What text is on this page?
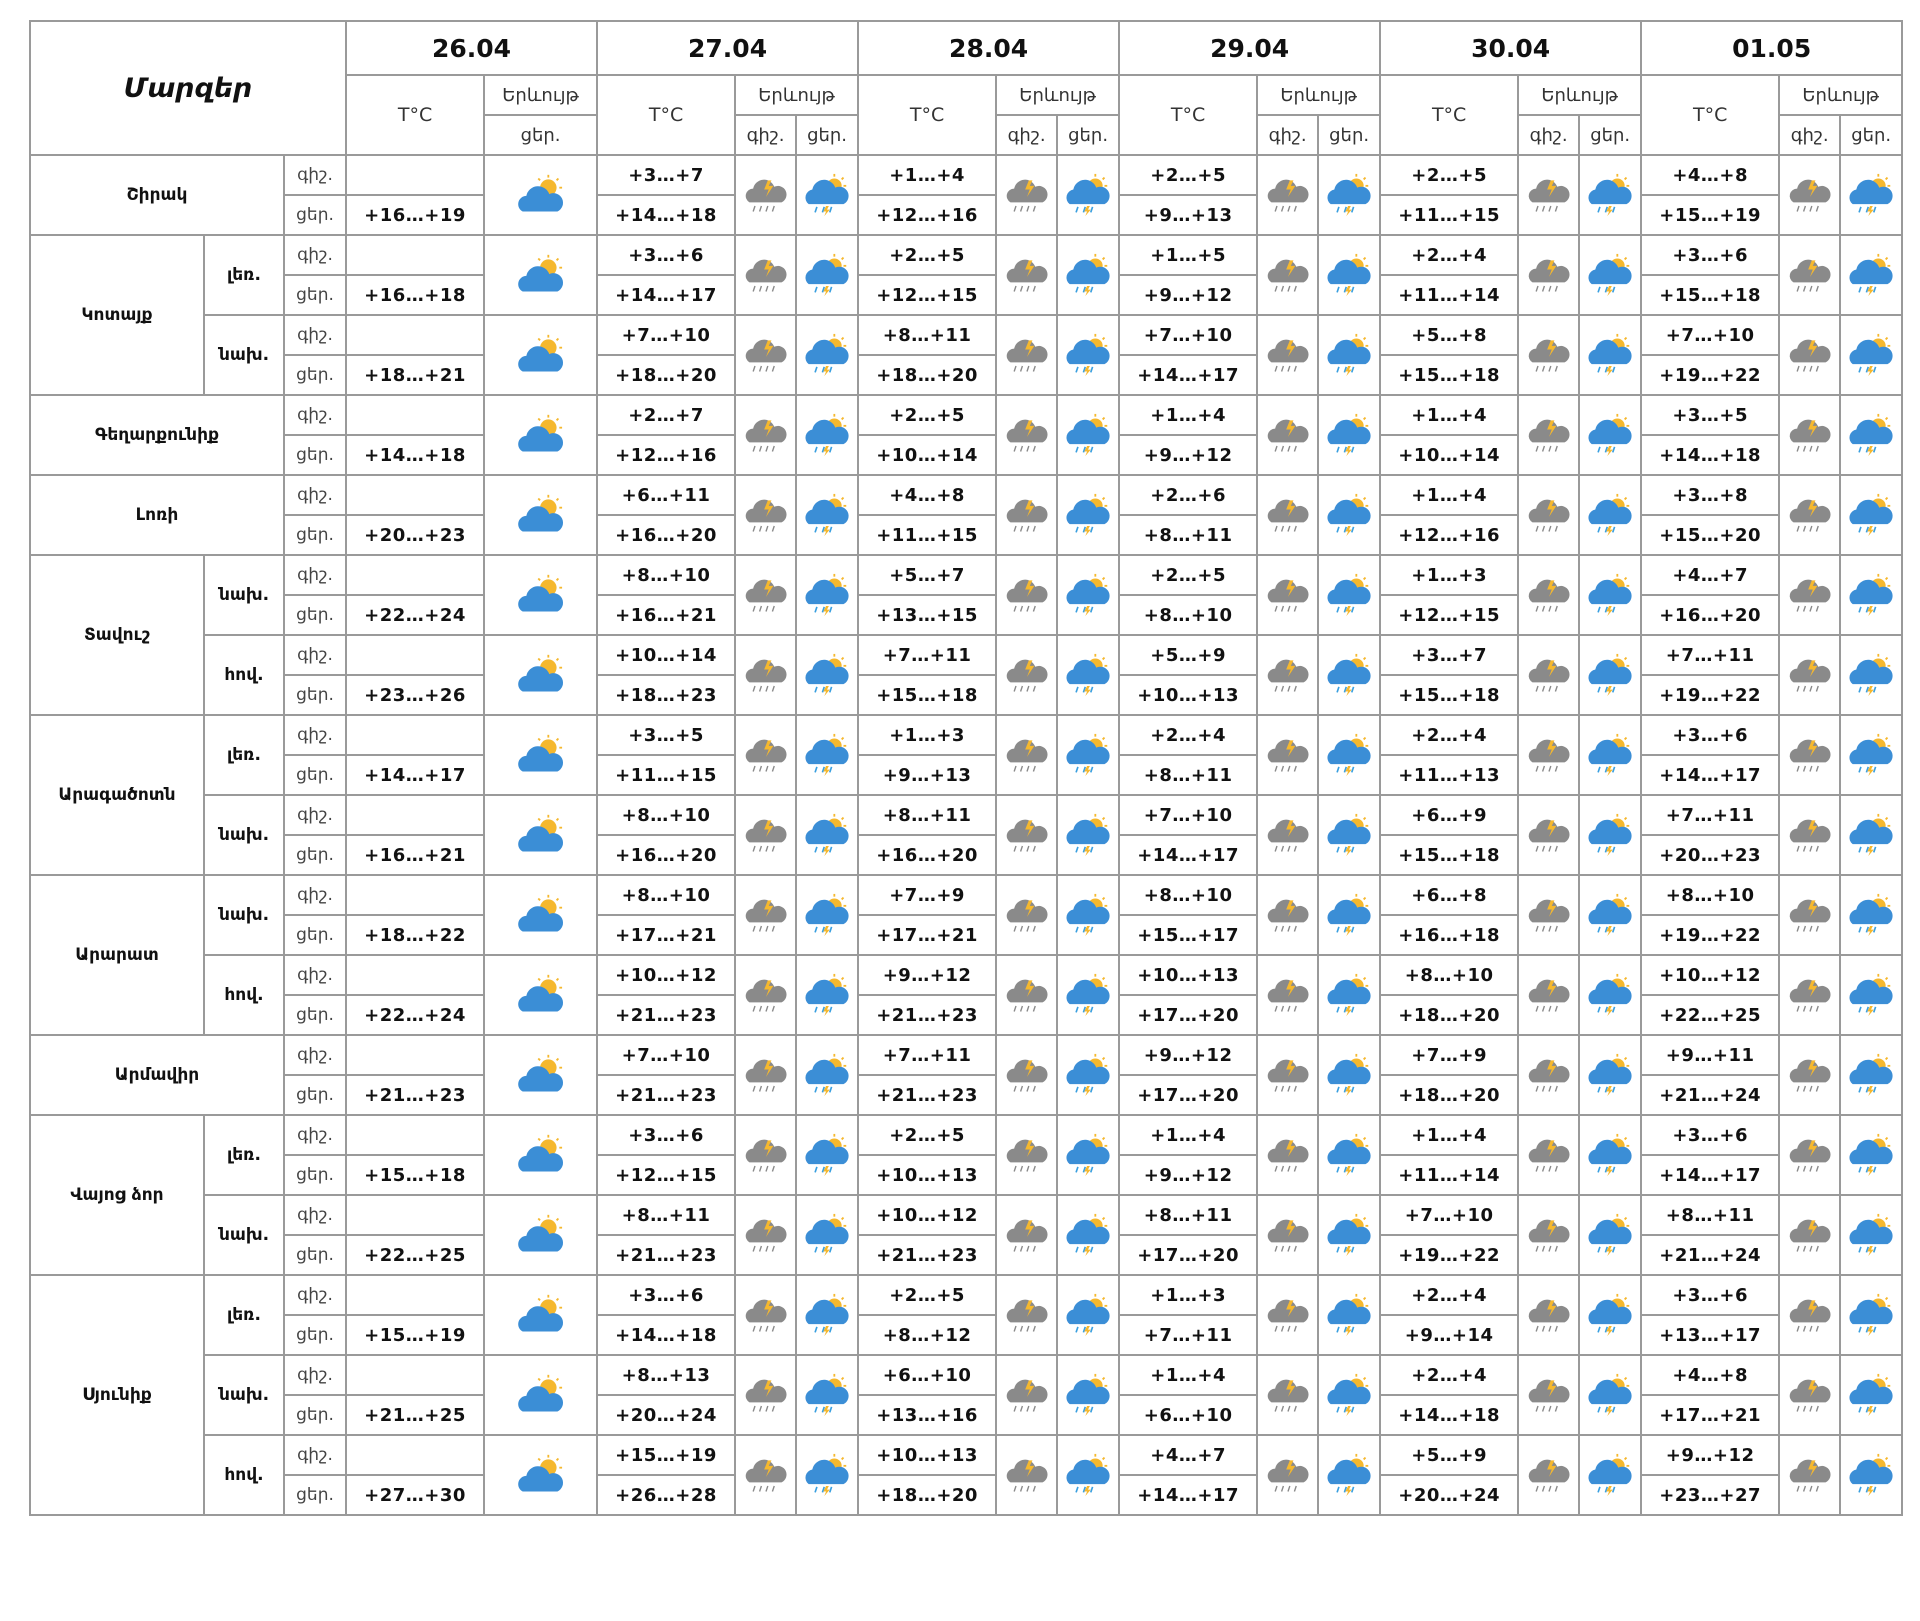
Մարզեր			26.04		27.04			28.04			29.04			30.04			01.05		
			T°C	Երևույթ	T°C	Երևույթ		T°C	Երևույթ		T°C	Երևույթ		T°C	Երևույթ		T°C	Երևույթ	
				ցեր.		գիշ.	ցեր.		գիշ.	ցեր.		գիշ.	ցեր.		գիշ.	ցեր.		գիշ.	ցեր.
Շիրակ		գիշ.			+3…+7			+1…+4			+2…+5			+2…+5			+4…+8	

		ցեր.	+16…+19		+14…+18			+12…+16			+9…+13			+11…+15			+15…+19		
Կոտայք	լեռ.	գիշ.			+3…+6			+2…+5			+1…+5			+2…+4			+3…+6	

		ցեր.	+16…+18		+14…+17			+12…+15			+9…+12			+11…+14			+15…+18		
	նախ.	գիշ.			+7…+10			+8…+11			+7…+10			+5…+8			+7…+10	

		ցեր.	+18…+21		+18…+20			+18…+20			+14…+17			+15…+18			+19…+22		
Գեղարքունիք		գիշ.			+2…+7			+2…+5			+1…+4			+1…+4			+3…+5	

		ցեր.	+14…+18		+12…+16			+10…+14			+9…+12			+10…+14			+14…+18		
Լոռի		գիշ.			+6…+11			+4…+8			+2…+6			+1…+4			+3…+8	

		ցեր.	+20…+23		+16…+20			+11…+15			+8…+11			+12…+16			+15…+20		
Տավուշ	նախ.	գիշ.			+8…+10			+5…+7			+2…+5			+1…+3			+4…+7	

		ցեր.	+22…+24		+16…+21			+13…+15			+8…+10			+12…+15			+16…+20		
	հով.	գիշ.			+10…+14			+7…+11			+5…+9			+3…+7			+7…+11	

		ցեր.	+23…+26		+18…+23			+15…+18			+10…+13			+15…+18			+19…+22		
Արագածոտն	լեռ.	գիշ.			+3…+5			+1…+3			+2…+4			+2…+4			+3…+6	

		ցեր.	+14…+17		+11…+15			+9…+13			+8…+11			+11…+13			+14…+17		
	նախ.	գիշ.			+8…+10			+8…+11			+7…+10			+6…+9			+7…+11	

		ցեր.	+16…+21		+16…+20			+16…+20			+14…+17			+15…+18			+20…+23		
Արարատ	նախ.	գիշ.			+8…+10			+7…+9			+8…+10			+6…+8			+8…+10	

		ցեր.	+18…+22		+17…+21			+17…+21			+15…+17			+16…+18			+19…+22		
	հով.	գիշ.			+10…+12			+9…+12			+10…+13			+8…+10			+10…+12	

		ցեր.	+22…+24		+21…+23			+21…+23			+17…+20			+18…+20			+22…+25		
Արմավիր		գիշ.			+7…+10			+7…+11			+9…+12			+7…+9			+9…+11	

		ցեր.	+21…+23		+21…+23			+21…+23			+17…+20			+18…+20			+21…+24		
Վայոց ձոր	լեռ.	գիշ.			+3…+6			+2…+5			+1…+4			+1…+4			+3…+6	

		ցեր.	+15…+18		+12…+15			+10…+13			+9…+12			+11…+14			+14…+17		
	նախ.	գիշ.			+8…+11			+10…+12			+8…+11			+7…+10			+8…+11	

		ցեր.	+22…+25		+21…+23			+21…+23			+17…+20			+19…+22			+21…+24		
Սյունիք	լեռ.	գիշ.			+3…+6			+2…+5			+1…+3			+2…+4			+3…+6	

		ցեր.	+15…+19		+14…+18			+8…+12			+7…+11			+9…+14			+13…+17		
	նախ.	գիշ.			+8…+13			+6…+10			+1…+4			+2…+4			+4…+8	

		ցեր.	+21…+25		+20…+24			+13…+16			+6…+10			+14…+18			+17…+21		
	հով.	գիշ.			+15…+19			+10…+13			+4…+7			+5…+9			+9…+12	

		ցեր.	+27…+30		+26…+28			+18…+20			+14…+17			+20…+24			+23…+27		
